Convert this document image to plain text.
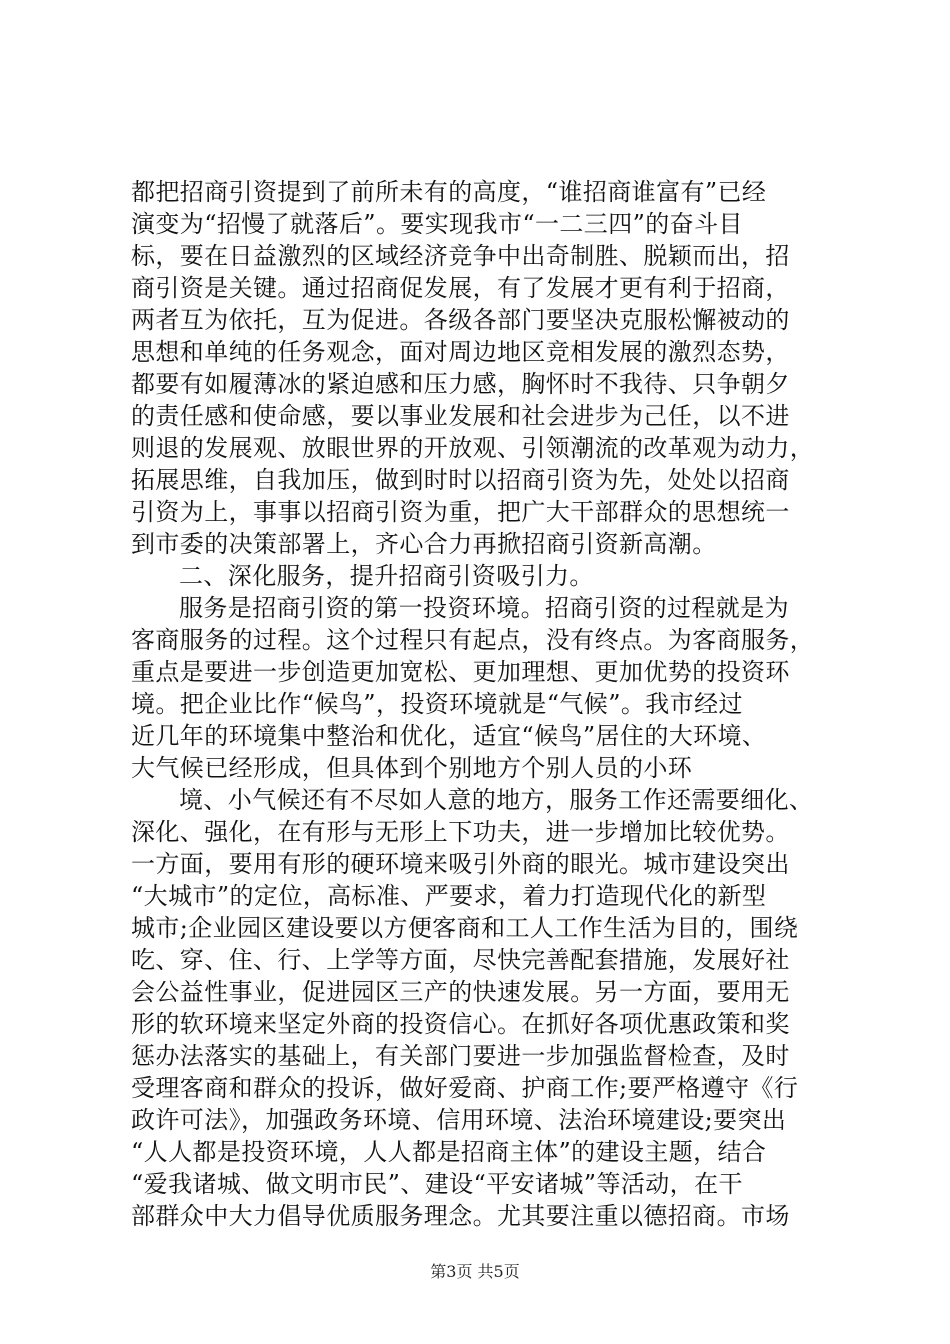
都把招商引资提到了前所未有的高度，“谁招商谁富有”已经
演变为“招慢了就落后”。要实现我市“一二三四”的奋斗目
标，要在日益激烈的区域经济竞争中出奇制胜、脱颖而出，招
商引资是关键。通过招商促发展，有了发展才更有利于招商，
两者互为依托，互为促进。各级各部门要坚决克服松懈被动的
思想和单纯的任务观念，面对周边地区竞相发展的激烈态势，
都要有如履薄冰的紧迫感和压力感，胸怀时不我待、只争朝夕
的责任感和使命感，要以事业发展和社会进步为己任，以不进
则退的发展观、放眼世界的开放观、引领潮流的改革观为动力，
拓展思维，自我加压，做到时时以招商引资为先，处处以招商
引资为上，事事以招商引资为重，把广大干部群众的思想统一
到市委的决策部署上，齐心合力再掀招商引资新高潮。
二、深化服务，提升招商引资吸引力。
服务是招商引资的第一投资环境。招商引资的过程就是为
客商服务的过程。这个过程只有起点，没有终点。为客商服务，
重点是要进一步创造更加宽松、更加理想、更加优势的投资环
境。把企业比作“候鸟”，投资环境就是“气候”。我市经过
近几年的环境集中整治和优化，适宜“候鸟”居住的大环境、
大气候已经形成，但具体到个别地方个别人员的小环
境、小气候还有不尽如人意的地方，服务工作还需要细化、
深化、强化，在有形与无形上下功夫，进一步增加比较优势。
一方面，要用有形的硬环境来吸引外商的眼光。城市建设突出
“大城市”的定位，高标准、严要求，着力打造现代化的新型
城市;企业园区建设要以方便客商和工人工作生活为目的，围绕
吃、穿、住、行、上学等方面，尽快完善配套措施，发展好社
会公益性事业，促进园区三产的快速发展。另一方面，要用无
形的软环境来坚定外商的投资信心。在抓好各项优惠政策和奖
惩办法落实的基础上，有关部门要进一步加强监督检查，及时
受理客商和群众的投诉，做好爱商、护商工作;要严格遵守《行
政许可法》，加强政务环境、信用环境、法治环境建设;要突出
“人人都是投资环境，人人都是招商主体”的建设主题，结合
“爱我诸城、做文明市民”、建设“平安诸城”等活动，在干
部群众中大力倡导优质服务理念。尤其要注重以德招商。市场
第3页 共5页
